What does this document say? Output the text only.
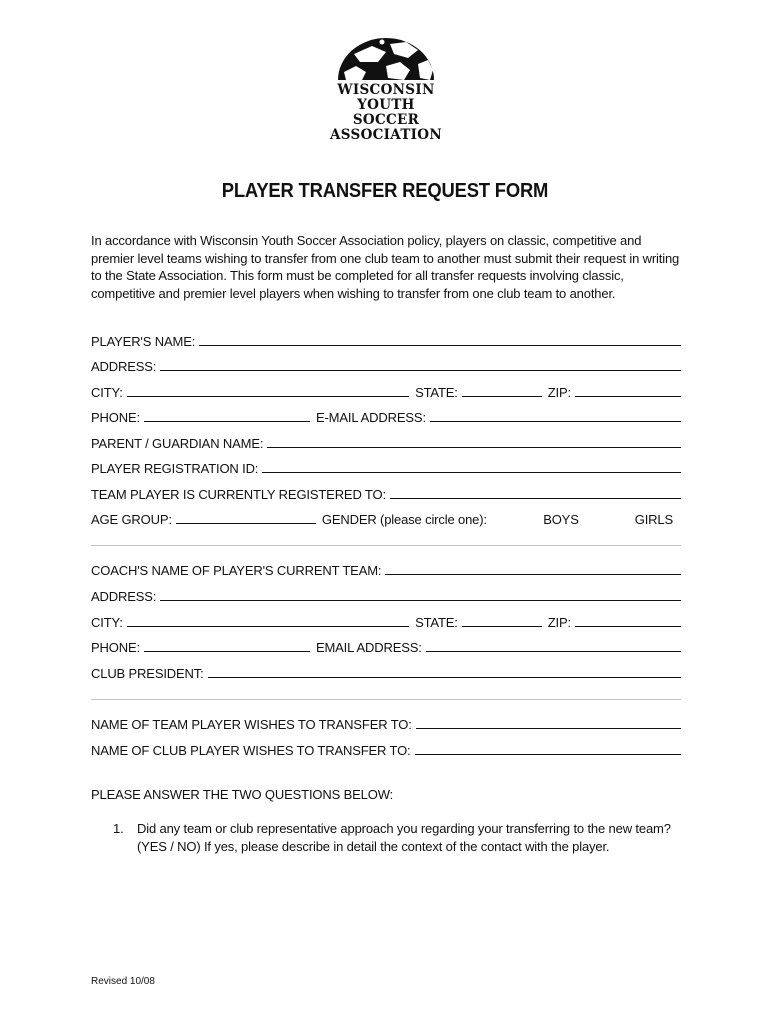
WISCONSIN
YOUTH
SOCCER
ASSOCIATION
PLAYER TRANSFER REQUEST FORM
In accordance with Wisconsin Youth Soccer Association policy, players on classic, competitive and premier level teams wishing to transfer from one club team to another must submit their request in writing to the State Association. This form must be completed for all transfer requests involving classic, competitive and premier level players when wishing to transfer from one club team to another.
PLAYER'S NAME:
ADDRESS:
CITY:	STATE:	ZIP:
PHONE:	E-MAIL ADDRESS:
PARENT / GUARDIAN NAME:
PLAYER REGISTRATION ID:
TEAM PLAYER IS CURRENTLY REGISTERED TO:
AGE GROUP:	GENDER (please circle one):	BOYS	GIRLS
COACH'S NAME OF PLAYER'S CURRENT TEAM:
ADDRESS:
CITY:	STATE:	ZIP:
PHONE:	EMAIL ADDRESS:
CLUB PRESIDENT:
NAME OF TEAM PLAYER WISHES TO TRANSFER TO:
NAME OF CLUB PLAYER WISHES TO TRANSFER TO:
PLEASE ANSWER THE TWO QUESTIONS BELOW:
1.	Did any team or club representative approach you regarding your transferring to the new team? (YES / NO) If yes, please describe in detail the context of the contact with the player.
Revised 10/08
